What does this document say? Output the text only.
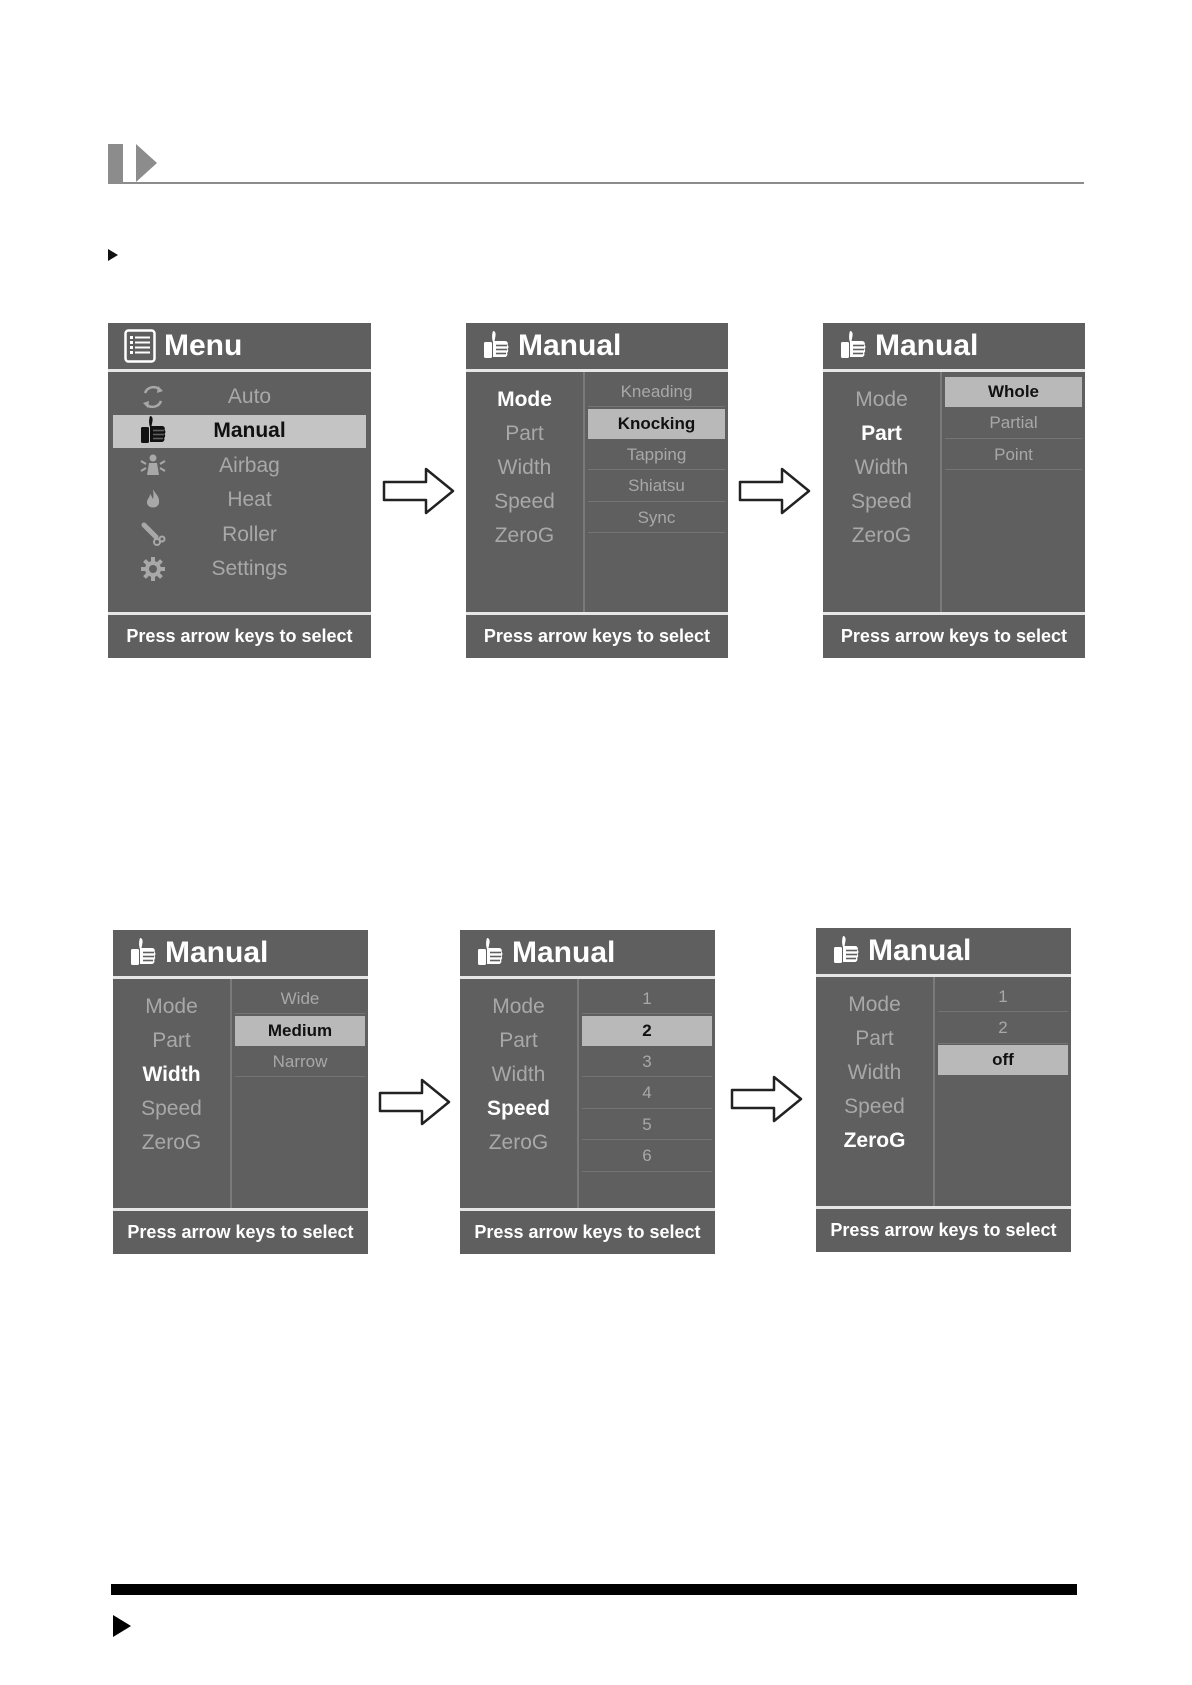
Menu
Auto
Manual
Airbag
Heat
Roller
Settings
Press arrow keys to select
Manual
Mode
Part
Width
Speed
ZeroG
Kneading
Knocking
Tapping
Shiatsu
Sync
Press arrow keys to select
Manual
Mode
Part
Width
Speed
ZeroG
Whole
Partial
Point
Press arrow keys to select
Manual
Mode
Part
Width
Speed
ZeroG
Wide
Medium
Narrow
Press arrow keys to select
Manual
Mode
Part
Width
Speed
ZeroG
1
2
3
4
5
6
Press arrow keys to select
Manual
Mode
Part
Width
Speed
ZeroG
1
2
off
Press arrow keys to select
